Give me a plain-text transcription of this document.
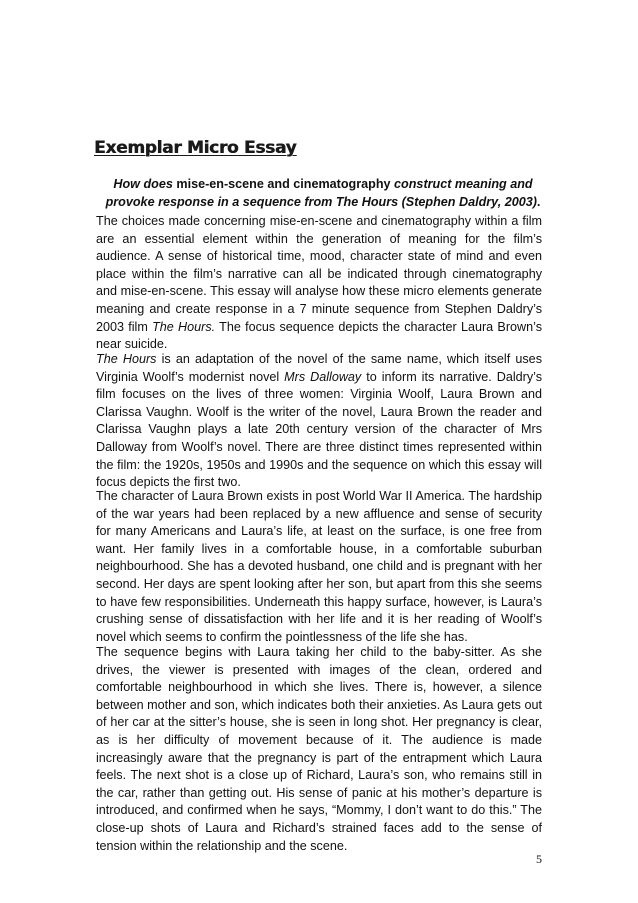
Exemplar Micro Essay
How does mise-en-scene and cinematography construct meaning and provoke response in a sequence from The Hours (Stephen Daldry, 2003).
The choices made concerning mise-en-scene and cinematography within a film are an essential element within the generation of meaning for the film’s audience. A sense of historical time, mood, character state of mind and even place within the film’s narrative can all be indicated through cinematography and mise-en-scene. This essay will analyse how these micro elements generate meaning and create response in a 7 minute sequence from Stephen Daldry’s 2003 film The Hours. The focus sequence depicts the character Laura Brown’s near suicide.
The Hours is an adaptation of the novel of the same name, which itself uses Virginia Woolf’s modernist novel Mrs Dalloway to inform its narrative. Daldry’s film focuses on the lives of three women: Virginia Woolf, Laura Brown and Clarissa Vaughn. Woolf is the writer of the novel, Laura Brown the reader and Clarissa Vaughn plays a late 20th century version of the character of Mrs Dalloway from Woolf’s novel. There are three distinct times represented within the film: the 1920s, 1950s and 1990s and the sequence on which this essay will focus depicts the first two.
The character of Laura Brown exists in post World War II America. The hardship of the war years had been replaced by a new affluence and sense of security for many Americans and Laura’s life, at least on the surface, is one free from want. Her family lives in a comfortable house, in a comfortable suburban neighbourhood. She has a devoted husband, one child and is pregnant with her second. Her days are spent looking after her son, but apart from this she seems to have few responsibilities. Underneath this happy surface, however, is Laura’s crushing sense of dissatisfaction with her life and it is her reading of Woolf’s novel which seems to confirm the pointlessness of the life she has.
The sequence begins with Laura taking her child to the baby-sitter. As she drives, the viewer is presented with images of the clean, ordered and comfortable neighbourhood in which she lives. There is, however, a silence between mother and son, which indicates both their anxieties. As Laura gets out of her car at the sitter’s house, she is seen in long shot. Her pregnancy is clear, as is her difficulty of movement because of it. The audience is made increasingly aware that the pregnancy is part of the entrapment which Laura feels. The next shot is a close up of Richard, Laura’s son, who remains still in the car, rather than getting out. His sense of panic at his mother’s departure is introduced, and confirmed when he says, “Mommy, I don’t want to do this.” The close-up shots of Laura and Richard’s strained faces add to the sense of tension within the relationship and the scene.
5
